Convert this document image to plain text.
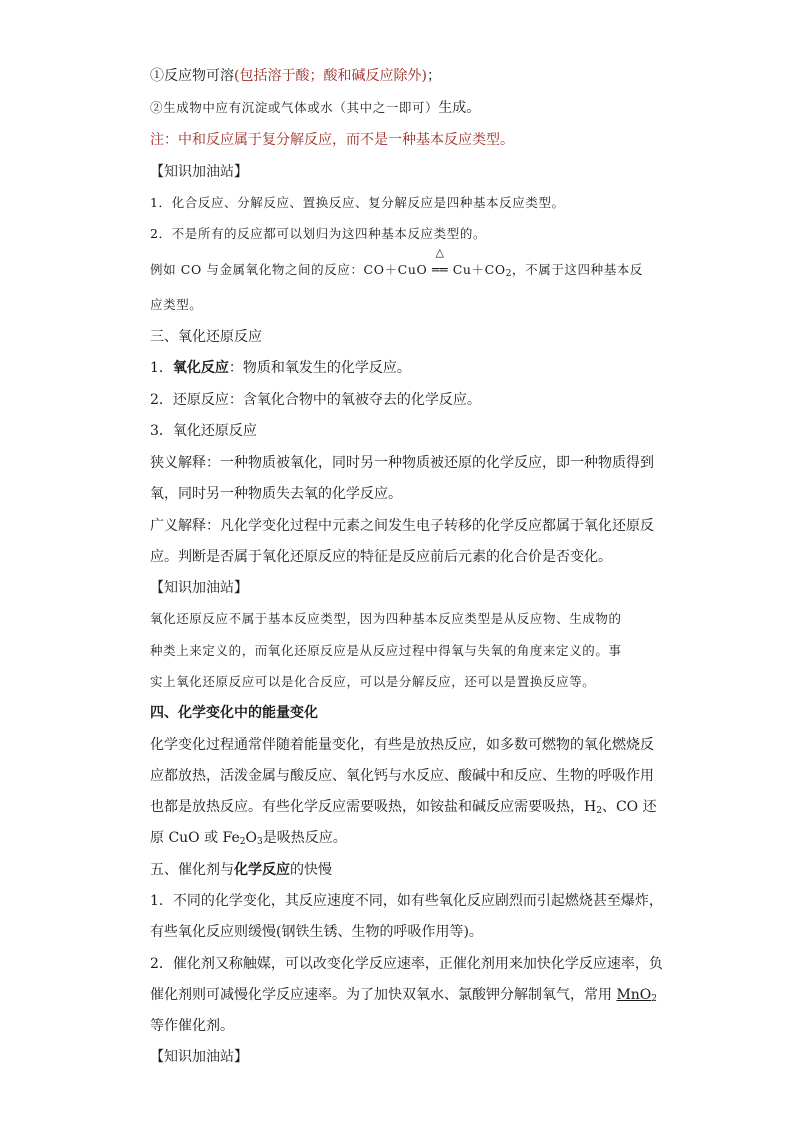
①反应物可溶(包括溶于酸；酸和碱反应除外)；
②生成物中应有沉淀或气体或水（其中之一即可）生成。
注：中和反应属于复分解反应，而不是一种基本反应类型。
【知识加油站】
1．化合反应、分解反应、置换反应、复分解反应是四种基本反应类型。
2．不是所有的反应都可以划归为这四种基本反应类型的。
例如 CO 与金属氧化物之间的反应：CO＋CuO
△
══ $Cu+CO_2$，不属于这四种基本反
应类型。
三、氧化还原反应
1．氧化反应：物质和氧发生的化学反应。
2．还原反应：含氧化合物中的氧被夺去的化学反应。
3．氧化还原反应
狭义解释：一种物质被氧化，同时另一种物质被还原的化学反应，即一种物质得到
氧，同时另一种物质失去氧的化学反应。
广义解释：凡化学变化过程中元素之间发生电子转移的化学反应都属于氧化还原反
应。判断是否属于氧化还原反应的特征是反应前后元素的化合价是否变化。
【知识加油站】
氧化还原反应不属于基本反应类型，因为四种基本反应类型是从反应物、生成物的
种类上来定义的，而氧化还原反应是从反应过程中得氧与失氧的角度来定义的。事
实上氧化还原反应可以是化合反应，可以是分解反应，还可以是置换反应等。
四、化学变化中的能量变化
化学变化过程通常伴随着能量变化，有些是放热反应，如多数可燃物的氧化燃烧反
应都放热，活泼金属与酸反应、氧化钙与水反应、酸碱中和反应、生物的呼吸作用
也都是放热反应。有些化学反应需要吸热，如铵盐和碱反应需要吸热，$H_2$、CO 还
原 CuO 或 $Fe_2O_3$是吸热反应。
五、催化剂与化学反应的快慢
1．不同的化学变化，其反应速度不同，如有些氧化反应剧烈而引起燃烧甚至爆炸，
有些氧化反应则缓慢(钢铁生锈、生物的呼吸作用等)。
2．催化剂又称触媒，可以改变化学反应速率，正催化剂用来加快化学反应速率，负
催化剂则可减慢化学反应速率。为了加快双氧水、氯酸钾分解制氧气，常用 MnO$_2$
等作催化剂。
【知识加油站】
